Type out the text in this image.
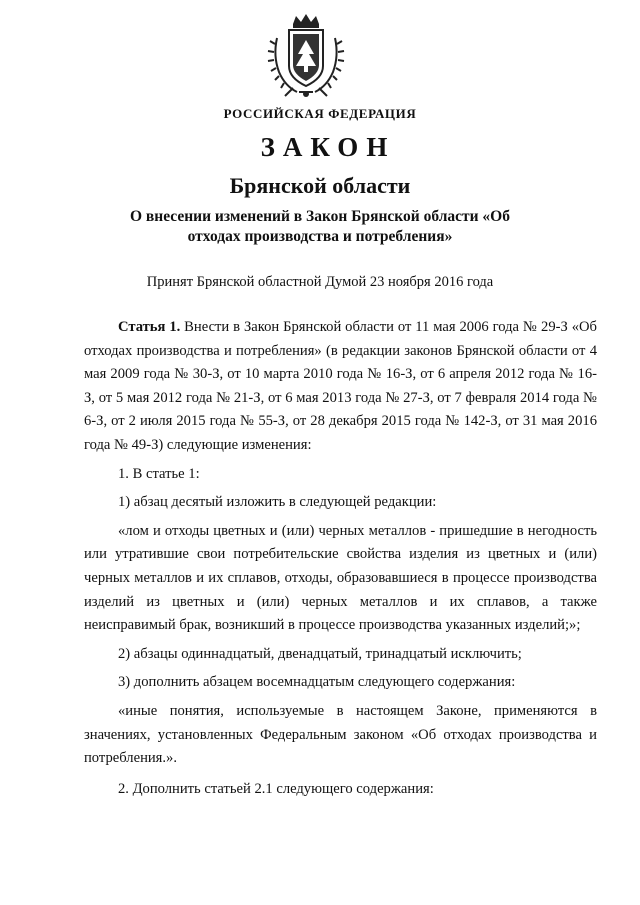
РОССИЙСКАЯ ФЕДЕРАЦИЯ
ЗАКОН
Брянской области
О внесении изменений в Закон Брянской области «Об отходах производства и потребления»
Принят Брянской областной Думой 23 ноября 2016 года

Статья 1. Внести в Закон Брянской области от 11 мая 2006 года № 29-З «Об отходах производства и потребления» (в редакции законов Брянской области от 4 мая 2009 года № 30-З, от 10 марта 2010 года № 16-З, от 6 апреля 2012 года № 16-З, от 5 мая 2012 года № 21-З, от 6 мая 2013 года № 27-З, от 7 февраля 2014 года № 6-З, от 2 июля 2015 года № 55-З, от 28 декабря 2015 года № 142-З, от 31 мая 2016 года № 49-З) следующие изменения:

1. В статье 1:

1) абзац десятый изложить в следующей редакции:

«лом и отходы цветных и (или) черных металлов - пришедшие в негодность или утратившие свои потребительские свойства изделия из цветных и (или) черных металлов и их сплавов, отходы, образовавшиеся в процессе производства изделий из цветных и (или) черных металлов и их сплавов, а также неисправимый брак, возникший в процессе производства указанных изделий;»;

2) абзацы одиннадцатый, двенадцатый, тринадцатый исключить;

3) дополнить абзацем восемнадцатым следующего содержания:

«иные понятия, используемые в настоящем Законе, применяются в значениях, установленных Федеральным законом «Об отходах производства и потребления.».

2. Дополнить статьей 2.1 следующего содержания:
